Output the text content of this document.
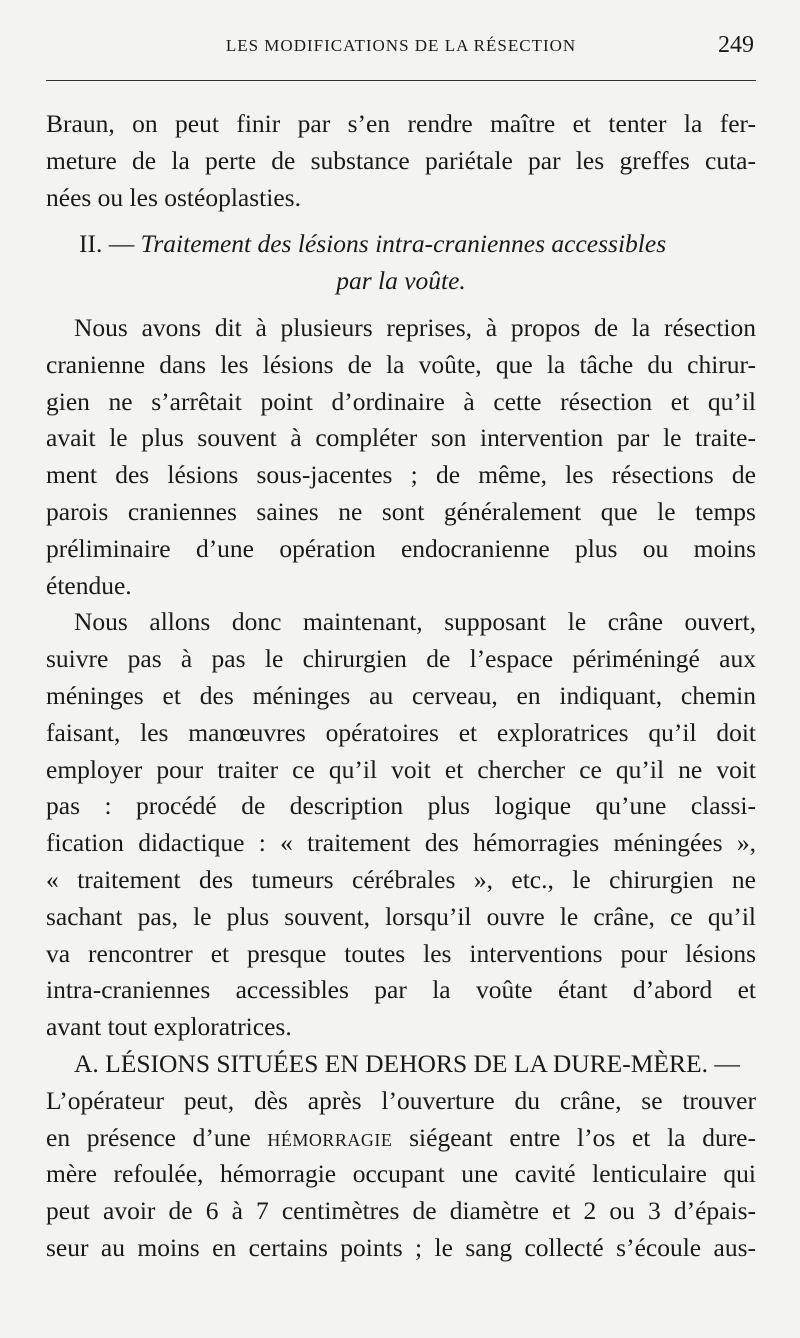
LES MODIFICATIONS DE LA RÉSECTION	249
Braun, on peut finir par s’en rendre maître et tenter la fer-
meture de la perte de substance pariétale par les greffes cuta-
nées ou les ostéoplasties.
II. — Traitement des lésions intra-craniennes accessibles
par la voûte.
Nous avons dit à plusieurs reprises, à propos de la résection
cranienne dans les lésions de la voûte, que la tâche du chirur-
gien ne s’arrêtait point d’ordinaire à cette résection et qu’il
avait le plus souvent à compléter son intervention par le traite-
ment des lésions sous-jacentes ; de même, les résections de
parois craniennes saines ne sont généralement que le temps
préliminaire d’une opération endocranienne plus ou moins
étendue.
Nous allons donc maintenant, supposant le crâne ouvert,
suivre pas à pas le chirurgien de l’espace périméningé aux
méninges et des méninges au cerveau, en indiquant, chemin
faisant, les manœuvres opératoires et exploratrices qu’il doit
employer pour traiter ce qu’il voit et chercher ce qu’il ne voit
pas : procédé de description plus logique qu’une classi-
fication didactique : « traitement des hémorragies méningées »,
« traitement des tumeurs cérébrales », etc., le chirurgien ne
sachant pas, le plus souvent, lorsqu’il ouvre le crâne, ce qu’il
va rencontrer et presque toutes les interventions pour lésions
intra-craniennes accessibles par la voûte étant d’abord et
avant tout exploratrices.
A. LÉSIONS SITUÉES EN DEHORS DE LA DURE-MÈRE. —
L’opérateur peut, dès après l’ouverture du crâne, se trouver
en présence d’une hémorragie siégeant entre l’os et la dure-
mère refoulée, hémorragie occupant une cavité lenticulaire qui
peut avoir de 6 à 7 centimètres de diamètre et 2 ou 3 d’épais-
seur au moins en certains points ; le sang collecté s’écoule aus-
